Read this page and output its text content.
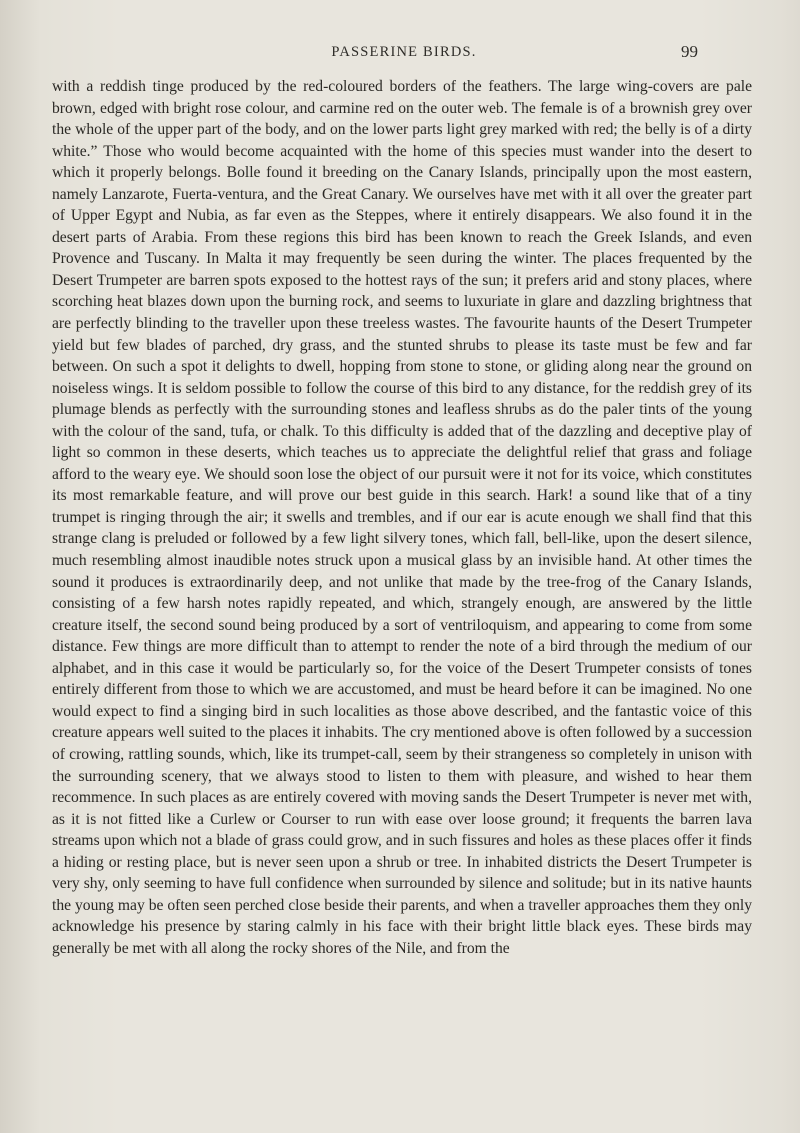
PASSERINE BIRDS.	99

with a reddish tinge produced by the red-coloured borders of the feathers. The large wing-covers are pale brown, edged with bright rose colour, and carmine red on the outer web. The female is of a brownish grey over the whole of the upper part of the body, and on the lower parts light grey marked with red; the belly is of a dirty white.” Those who would become acquainted with the home of this species must wander into the desert to which it properly belongs. Bolle found it breeding on the Canary Islands, principally upon the most eastern, namely Lanzarote, Fuerta-ventura, and the Great Canary. We ourselves have met with it all over the greater part of Upper Egypt and Nubia, as far even as the Steppes, where it entirely disappears. We also found it in the desert parts of Arabia. From these regions this bird has been known to reach the Greek Islands, and even Provence and Tuscany. In Malta it may frequently be seen during the winter. The places frequented by the Desert Trumpeter are barren spots exposed to the hottest rays of the sun; it prefers arid and stony places, where scorching heat blazes down upon the burning rock, and seems to luxuriate in glare and dazzling brightness that are perfectly blinding to the traveller upon these treeless wastes. The favourite haunts of the Desert Trumpeter yield but few blades of parched, dry grass, and the stunted shrubs to please its taste must be few and far between. On such a spot it delights to dwell, hopping from stone to stone, or gliding along near the ground on noiseless wings. It is seldom possible to follow the course of this bird to any distance, for the reddish grey of its plumage blends as perfectly with the surrounding stones and leafless shrubs as do the paler tints of the young with the colour of the sand, tufa, or chalk. To this difficulty is added that of the dazzling and deceptive play of light so common in these deserts, which teaches us to appreciate the delightful relief that grass and foliage afford to the weary eye. We should soon lose the object of our pursuit were it not for its voice, which constitutes its most remarkable feature, and will prove our best guide in this search. Hark! a sound like that of a tiny trumpet is ringing through the air; it swells and trembles, and if our ear is acute enough we shall find that this strange clang is preluded or followed by a few light silvery tones, which fall, bell-like, upon the desert silence, much resembling almost inaudible notes struck upon a musical glass by an invisible hand. At other times the sound it produces is extraordinarily deep, and not unlike that made by the tree-frog of the Canary Islands, consisting of a few harsh notes rapidly repeated, and which, strangely enough, are answered by the little creature itself, the second sound being produced by a sort of ventriloquism, and appearing to come from some distance. Few things are more difficult than to attempt to render the note of a bird through the medium of our alphabet, and in this case it would be particularly so, for the voice of the Desert Trumpeter consists of tones entirely different from those to which we are accustomed, and must be heard before it can be imagined. No one would expect to find a singing bird in such localities as those above described, and the fantastic voice of this creature appears well suited to the places it inhabits. The cry mentioned above is often followed by a succession of crowing, rattling sounds, which, like its trumpet-call, seem by their strangeness so completely in unison with the surrounding scenery, that we always stood to listen to them with pleasure, and wished to hear them recommence. In such places as are entirely covered with moving sands the Desert Trumpeter is never met with, as it is not fitted like a Curlew or Courser to run with ease over loose ground; it frequents the barren lava streams upon which not a blade of grass could grow, and in such fissures and holes as these places offer it finds a hiding or resting place, but is never seen upon a shrub or tree. In inhabited districts the Desert Trumpeter is very shy, only seeming to have full confidence when surrounded by silence and solitude; but in its native haunts the young may be often seen perched close beside their parents, and when a traveller approaches them they only acknowledge his presence by staring calmly in his face with their bright little black eyes. These birds may generally be met with all along the rocky shores of the Nile, and from the
